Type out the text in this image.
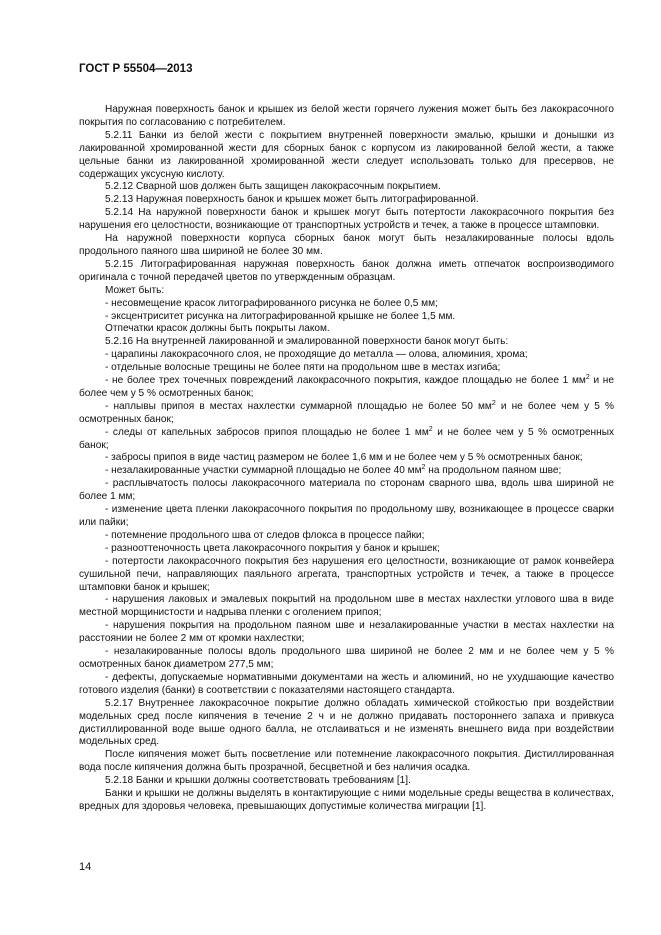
ГОСТ Р 55504—2013

Наружная поверхность банок и крышек из белой жести горячего лужения может быть без лакокрасочного покрытия по согласованию с потребителем.

5.2.11 Банки из белой жести с покрытием внутренней поверхности эмалью, крышки и донышки из лакированной хромированной жести для сборных банок с корпусом из лакированной белой жести, а также цельные банки из лакированной хромированной жести следует использовать только для пресервов, не содержащих уксусную кислоту.

5.2.12 Сварной шов должен быть защищен лакокрасочным покрытием.

5.2.13 Наружная поверхность банок и крышек может быть литографированной.

5.2.14 На наружной поверхности банок и крышек могут быть потертости лакокрасочного покрытия без нарушения его целостности, возникающие от транспортных устройств и течек, а также в процессе штамповки.

На наружной поверхности корпуса сборных банок могут быть незалакированные полосы вдоль продольного паяного шва шириной не более 30 мм.

5.2.15 Литографированная наружная поверхность банок должна иметь отпечаток воспроизводимого оригинала с точной передачей цветов по утвержденным образцам.

Может быть:

- несовмещение красок литографированного рисунка не более 0,5 мм;

- эксцентриситет рисунка на литографированной крышке не более 1,5 мм.

Отпечатки красок должны быть покрыты лаком.

5.2.16 На внутренней лакированной и эмалированной поверхности банок могут быть:

- царапины лакокрасочного слоя, не проходящие до металла — олова, алюминия, хрома;

- отдельные волосные трещины не более пяти на продольном шве в местах изгиба;

- не более трех точечных повреждений лакокрасочного покрытия, каждое площадью не более 1 $мм^2$ и не более чем у 5 % осмотренных банок;

- наплывы припоя в местах нахлестки суммарной площадью не более 50 $мм^2$ и не более чем у 5 % осмотренных банок;

- следы от капельных забросов припоя площадью не более 1 $мм^2$ и не более чем у 5 % осмотренных банок;

- забросы припоя в виде частиц размером не более 1,6 мм и не более чем у 5 % осмотренных банок;

- незалакированные участки суммарной площадью не более 40 $мм^2$ на продольном паяном шве;

- расплывчатость полосы лакокрасочного материала по сторонам сварного шва, вдоль шва шириной не более 1 мм;

- изменение цвета пленки лакокрасочного покрытия по продольному шву, возникающее в процессе сварки или пайки;

- потемнение продольного шва от следов флокса в процессе пайки;

- разнооттеночность цвета лакокрасочного покрытия у банок и крышек;

- потертости лакокрасочного покрытия без нарушения его целостности, возникающие от рамок конвейера сушильной печи, направляющих паяльного агрегата, транспортных устройств и течек, а также в процессе штамповки банок и крышек;

- нарушения лаковых и эмалевых покрытий на продольном шве в местах нахлестки углового шва в виде местной морщинистости и надрыва пленки с оголением припоя;

- нарушения покрытия на продольном паяном шве и незалакированные участки в местах нахлестки на расстоянии не более 2 мм от кромки нахлестки;

- незалакированные полосы вдоль продольного шва шириной не более 2 мм и не более чем у 5 % осмотренных банок диаметром 277,5 мм;

- дефекты, допускаемые нормативными документами на жесть и алюминий, но не ухудшающие качество готового изделия (банки) в соответствии с показателями настоящего стандарта.

5.2.17 Внутреннее лакокрасочное покрытие должно обладать химической стойкостью при воздействии модельных сред после кипячения в течение 2 ч и не должно придавать постороннего запаха и привкуса дистиллированной воде выше одного балла, не отслаиваться и не изменять внешнего вида при воздействии модельных сред.

После кипячения может быть посветление или потемнение лакокрасочного покрытия. Дистиллированная вода после кипячения должна быть прозрачной, бесцветной и без наличия осадка.

5.2.18 Банки и крышки должны соответствовать требованиям [1].

Банки и крышки не должны выделять в контактирующие с ними модельные среды вещества в количествах, вредных для здоровья человека, превышающих допустимые количества миграции [1].

14
